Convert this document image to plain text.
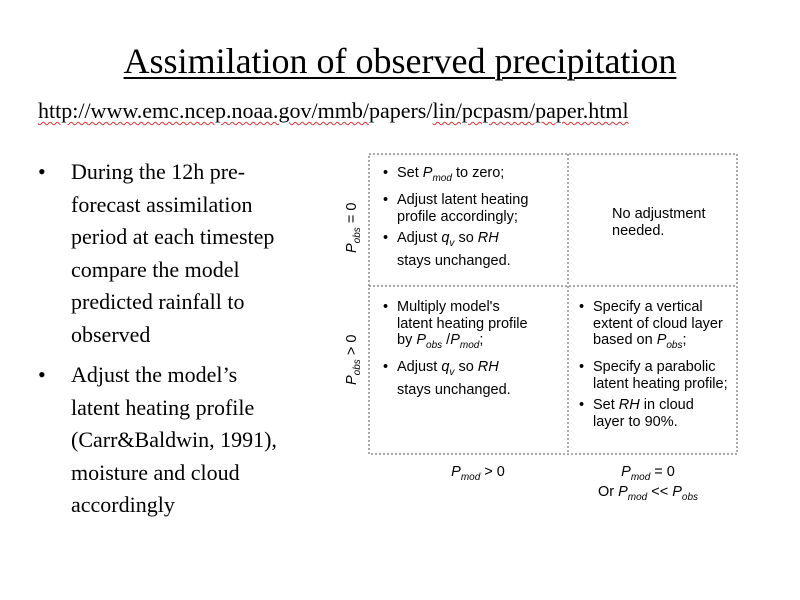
Assimilation of observed precipitation
http://www.emc.ncep.noaa.gov/mmb/papers/lin/pcpasm/paper.html
• During the 12h pre-
forecast assimilation
period at each timestep
compare the model
predicted rainfall to
observed
• Adjust the model’s
latent heating profile
(Carr&Baldwin, 1991),
moisture and cloud
accordingly
• Set $P_{mod}$ to zero;
• Adjust latent heating
profile accordingly;
• Adjust $q_v$ so RH
stays unchanged.
No adjustment
needed.
• Multiply model's
latent heating profile
by $P_{obs}$ $/P_{mod}$;
• Adjust $q_v$ so RH
stays unchanged.
• Specify a vertical
extent of cloud layer
based on $P_{obs}$;
• Specify a parabolic
latent heating profile;
• Set RH in cloud
layer to 90%.
$P_{obs} = 0$
$P_{obs} > 0$
$P_{mod} > 0$	$P_{mod} = 0$
Or $P_{mod} << P_{obs}$
